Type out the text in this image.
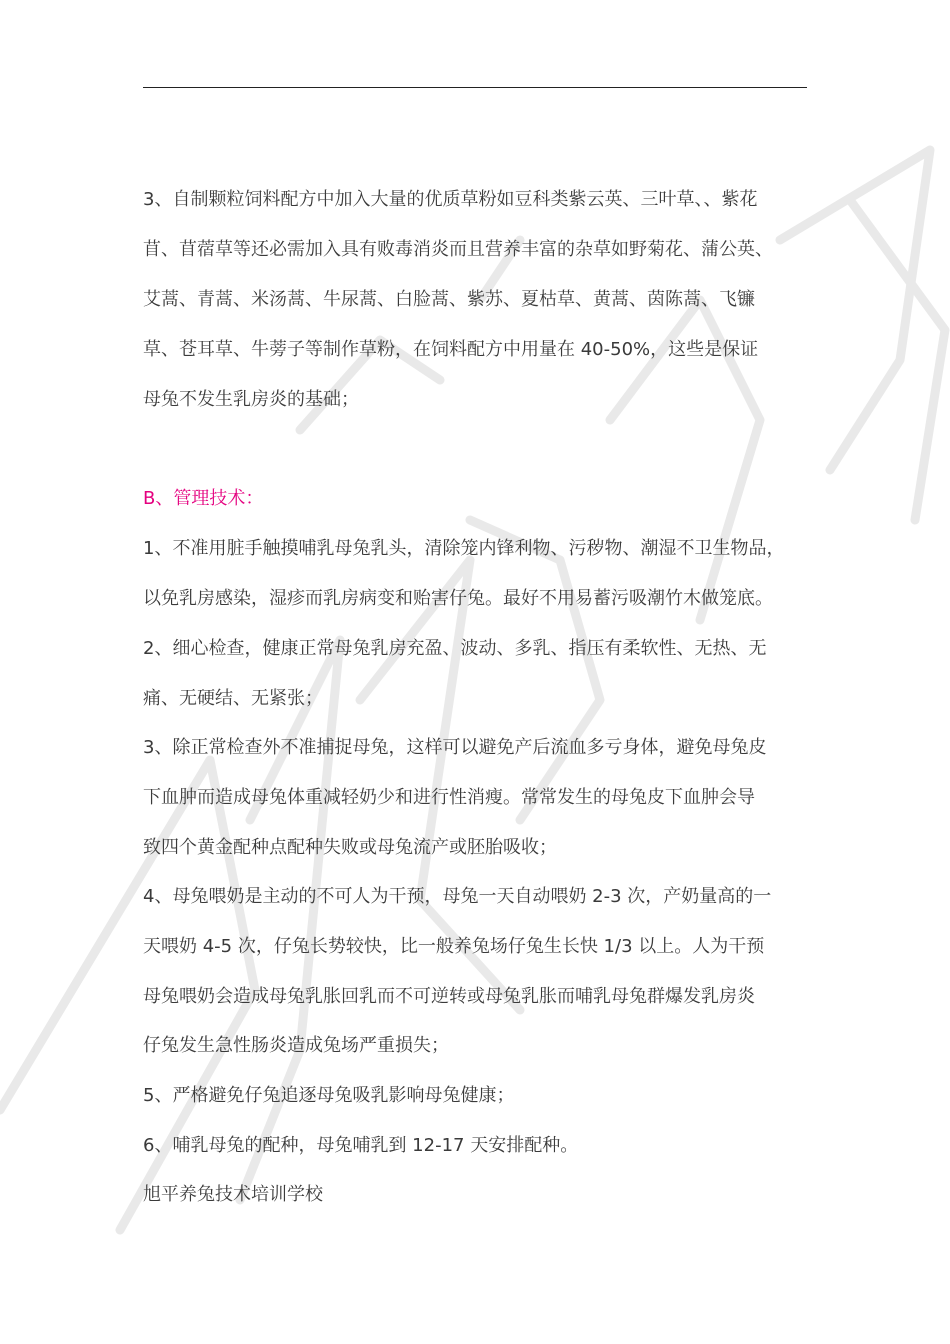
3、自制颗粒饲料配方中加入大量的优质草粉如豆科类紫云英、三叶草、、紫花

苜、苜蓿草等还必需加入具有败毒消炎而且营养丰富的杂草如野菊花、蒲公英、

艾蒿、青蒿、米汤蒿、牛尿蒿、白脸蒿、紫苏、夏枯草、黄蒿、茵陈蒿、飞镰

草、苍耳草、牛蒡子等制作草粉，在饲料配方中用量在 40-50%，这些是保证

母兔不发生乳房炎的基础；

B、管理技术：

1、不准用脏手触摸哺乳母兔乳头，清除笼内锋利物、污秽物、潮湿不卫生物品，

以免乳房感染，湿疹而乳房病变和贻害仔兔。最好不用易蓄污吸潮竹木做笼底。

2、细心检查，健康正常母兔乳房充盈、波动、多乳、指压有柔软性、无热、无

痛、无硬结、无紧张；

3、除正常检查外不准捕捉母兔，这样可以避免产后流血多亏身体，避免母兔皮

下血肿而造成母兔体重减轻奶少和进行性消瘦。常常发生的母兔皮下血肿会导

致四个黄金配种点配种失败或母兔流产或胚胎吸收；

4、母兔喂奶是主动的不可人为干预，母兔一天自动喂奶 2-3 次，产奶量高的一

天喂奶 4-5 次，仔兔长势较快，比一般养兔场仔兔生长快 1/3 以上。人为干预

母兔喂奶会造成母兔乳胀回乳而不可逆转或母兔乳胀而哺乳母兔群爆发乳房炎

仔兔发生急性肠炎造成兔场严重损失；

5、严格避免仔兔追逐母兔吸乳影响母兔健康；

6、哺乳母兔的配种，母兔哺乳到 12-17 天安排配种。

旭平养兔技术培训学校
